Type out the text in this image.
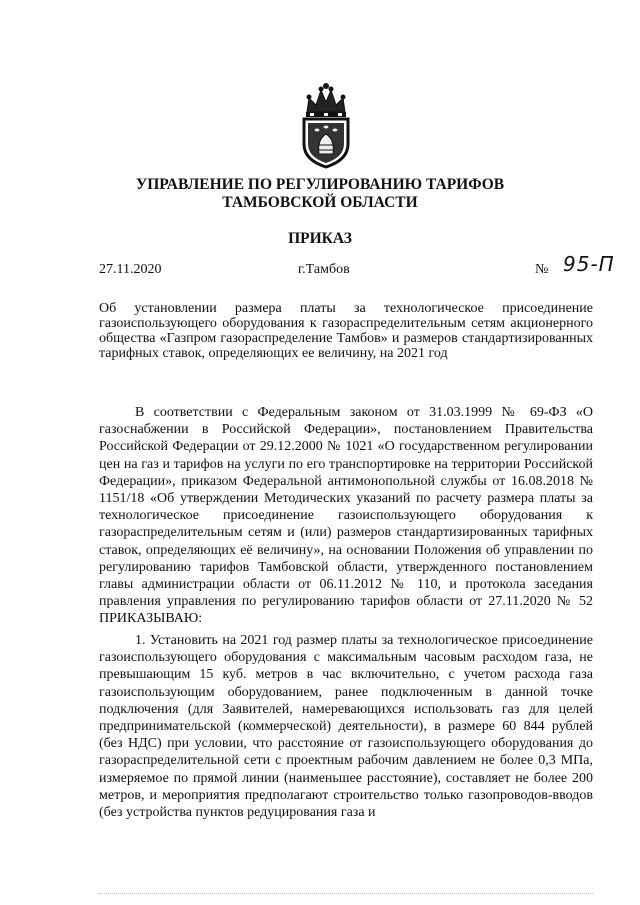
УПРАВЛЕНИЕ ПО РЕГУЛИРОВАНИЮ ТАРИФОВ
ТАМБОВСКОЙ ОБЛАСТИ
ПРИКАЗ
27.11.2020	г.Тамбов	№ 95-П
Об установлении размера платы за технологическое присоединение газоиспользующего оборудования к газораспределительным сетям акционерного общества «Газпром газораспределение Тамбов» и размеров стандартизированных тарифных ставок, определяющих ее величину, на 2021 год
В соответствии с Федеральным законом от 31.03.1999 № 69-ФЗ «О газоснабжении в Российской Федерации», постановлением Правительства Российской Федерации от 29.12.2000 № 1021 «О государственном регулировании цен на газ и тарифов на услуги по его транспортировке на территории Российской Федерации», приказом Федеральной антимонопольной службы от 16.08.2018 № 1151/18 «Об утверждении Методических указаний по расчету размера платы за технологическое присоединение газоиспользующего оборудования к газораспределительным сетям и (или) размеров стандартизированных тарифных ставок, определяющих её величину», на основании Положения об управлении по регулированию тарифов Тамбовской области, утвержденного постановлением главы администрации области от 06.11.2012 № 110, и протокола заседания правления управления по регулированию тарифов области от 27.11.2020 № 52 ПРИКАЗЫВАЮ:
1. Установить на 2021 год размер платы за технологическое присоединение газоиспользующего оборудования с максимальным часовым расходом газа, не превышающим 15 куб. метров в час включительно, с учетом расхода газа газоиспользующим оборудованием, ранее подключенным в данной точке подключения (для Заявителей, намеревающихся использовать газ для целей предпринимательской (коммерческой) деятельности), в размере 60 844 рублей (без НДС) при условии, что расстояние от газоиспользующего оборудования до газораспределительной сети с проектным рабочим давлением не более 0,3 МПа, измеряемое по прямой линии (наименьшее расстояние), составляет не более 200 метров, и мероприятия предполагают строительство только газопроводов-вводов (без устройства пунктов редуцирования газа и
